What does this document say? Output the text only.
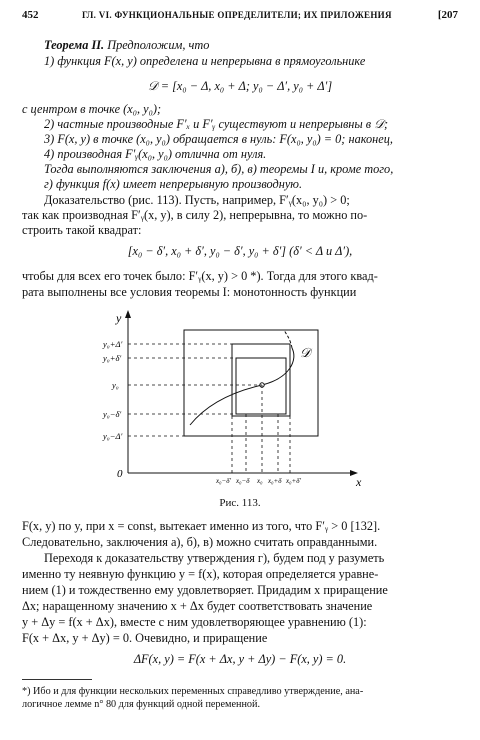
452	ГЛ. VI. ФУНКЦИОНАЛЬНЫЕ ОПРЕДЕЛИТЕЛИ; ИХ ПРИЛОЖЕНИЯ	[207
Теорема II. Предположим, что
1) функция F(x, y) определена и непрерывна в прямоугольнике
𝒟 = [x₀ − Δ, x₀ + Δ; y₀ − Δ′, y₀ + Δ′]
с центром в точке (x₀, y₀);
2) частные производные F′ₓ и F′ᵧ существуют и непрерывны в 𝒟;
3) F(x, y) в точке (x₀, y₀) обращается в нуль: F(x₀, y₀) = 0; наконец,
4) производная F′ᵧ(x₀, y₀) отлична от нуля.
Тогда выполняются заключения а), б), в) теоремы I и, кроме того,
г) функция f(x) имеет непрерывную производную.
Доказательство (рис. 113). Пусть, например, F′ᵧ(x₀, y₀) > 0;
так как производная F′ᵧ(x, y), в силу 2), непрерывна, то можно по-
строить такой квадрат:
[x₀ − δ′, x₀ + δ′, y₀ − δ′, y₀ + δ′] (δ′ < Δ и Δ′),
чтобы для всех его точек было: F′ᵧ(x, y) > 0 *). Тогда для этого квад-
рата выполнены все условия теоремы I: монотонность функции
𝒟
y
x
0
y₀+Δ′
y₀+δ′
y₀
y₀−δ′
y₀−Δ′
x₀−δ′ x₀−δ x₀ x₀+δ x₀+δ′
Рис. 113.
F(x, y) по y, при x = const, вытекает именно из того, что F′ᵧ > 0 [132].
Следовательно, заключения а), б), в) можно считать оправданными.
Переходя к доказательству утверждения г), будем под y разуметь
именно ту неявную функцию y = f(x), которая определяется уравне-
нием (1) и тождественно ему удовлетворяет. Придадим x приращение
Δx; наращенному значению x + Δx будет соответствовать значение
y + Δy = f(x + Δx), вместе с ним удовлетворяющее уравнению (1):
F(x + Δx, y + Δy) = 0. Очевидно, и приращение
ΔF(x, y) = F(x + Δx, y + Δy) − F(x, y) = 0.
*) Ибо и для функции нескольких переменных справедливо утверждение, ана-
логичное лемме n° 80 для функций одной переменной.
